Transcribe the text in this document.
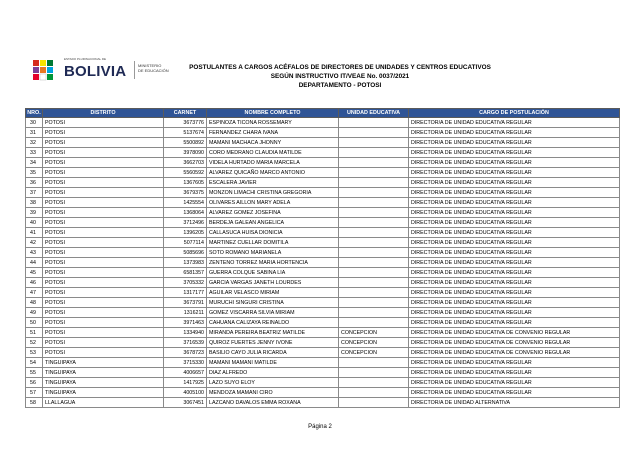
ESTADO PLURINACIONAL DE
BOLIVIA	MINISTERIO
DE EDUCACIÓN	POSTULANTES A CARGOS ACÉFALOS DE DIRECTORES DE UNIDADES Y CENTROS EDUCATIVOS
SEGÚN INSTRUCTIVO IT/VEAE No. 0037/2021
DEPARTAMENTO - POTOSI
NRO.	DISTRITO	CARNET	NOMBRE COMPLETO	UNIDAD EDUCATIVA	CARGO DE POSTULACIÓN
30	POTOSI	3673776	ESPINOZA TICONA ROSSEMARY		DIRECTOR/A DE UNIDAD EDUCATIVA REGULAR
31	POTOSI	5137674	FERNANDEZ CHARA IVANA		DIRECTOR/A DE UNIDAD EDUCATIVA REGULAR
32	POTOSI	5500892	MAMANI MACHACA JHONNY		DIRECTOR/A DE UNIDAD EDUCATIVA REGULAR
33	POTOSI	3978090	CORO MEDRANO CLAUDIA MATILDE		DIRECTOR/A DE UNIDAD EDUCATIVA REGULAR
34	POTOSI	3662703	VIDELA HURTADO MARIA MARCELA		DIRECTOR/A DE UNIDAD EDUCATIVA REGULAR
35	POTOSI	5560592	ALVAREZ QUICAÑO MARCO ANTONIO		DIRECTOR/A DE UNIDAD EDUCATIVA REGULAR
36	POTOSI	1367605	ESCALERA JAVIER		DIRECTOR/A DE UNIDAD EDUCATIVA REGULAR
37	POTOSI	3679375	MONZON LIMACHI CRISTINA GREGORIA		DIRECTOR/A DE UNIDAD EDUCATIVA REGULAR
38	POTOSI	1425554	OLIVARES AILLON MARY ADELA		DIRECTOR/A DE UNIDAD EDUCATIVA REGULAR
39	POTOSI	1368064	ALVAREZ GOMEZ JOSEFINA		DIRECTOR/A DE UNIDAD EDUCATIVA REGULAR
40	POTOSI	3712496	BERDEJA GALEAN ANGELICA		DIRECTOR/A DE UNIDAD EDUCATIVA REGULAR
41	POTOSI	1396205	CALLASUCA HUISA DIONICIA		DIRECTOR/A DE UNIDAD EDUCATIVA REGULAR
42	POTOSI	5077114	MARTINEZ CUELLAR DOMITILA		DIRECTOR/A DE UNIDAD EDUCATIVA REGULAR
43	POTOSI	5085696	SOTO ROMANO MARIANELA		DIRECTOR/A DE UNIDAD EDUCATIVA REGULAR
44	POTOSI	1373983	ZENTENO TORREZ MARIA HORTENCIA		DIRECTOR/A DE UNIDAD EDUCATIVA REGULAR
45	POTOSI	6581357	GUERRA COLQUE SABINA LIA		DIRECTOR/A DE UNIDAD EDUCATIVA REGULAR
46	POTOSI	3705332	GARCIA VARGAS JANETH LOURDES		DIRECTOR/A DE UNIDAD EDUCATIVA REGULAR
47	POTOSI	1317177	AGUILAR VELASCO MIRIAM		DIRECTOR/A DE UNIDAD EDUCATIVA REGULAR
48	POTOSI	3673791	MURUCHI SINGURI CRISTINA		DIRECTOR/A DE UNIDAD EDUCATIVA REGULAR
49	POTOSI	1316211	GOMEZ VISCARRA SILVIA MIRIAM		DIRECTOR/A DE UNIDAD EDUCATIVA REGULAR
50	POTOSI	3971463	CAHUANA CALIZAYA REINALDO		DIRECTOR/A DE UNIDAD EDUCATIVA REGULAR
51	POTOSI	1334940	MIRANDA PEREIRA BEATRIZ MATILDE	CONCEPCION	DIRECTOR/A DE UNIDAD EDUCATIVA DE CONVENIO REGULAR
52	POTOSI	3716539	QUIROZ FUERTES JENNY IVONE	CONCEPCION	DIRECTOR/A DE UNIDAD EDUCATIVA DE CONVENIO REGULAR
53	POTOSI	3678723	BASILIO CAYO JULIA RICARDA	CONCEPCION	DIRECTOR/A DE UNIDAD EDUCATIVA DE CONVENIO REGULAR
54	TINGUIPAYA	3715330	MAMANI MAMANI MATILDE		DIRECTOR/A DE UNIDAD EDUCATIVA REGULAR
55	TINGUIPAYA	4006657	DIAZ ALFREDO		DIRECTOR/A DE UNIDAD EDUCATIVA REGULAR
56	TINGUIPAYA	1417925	LAZO SUYO ELOY		DIRECTOR/A DE UNIDAD EDUCATIVA REGULAR
57	TINGUIPAYA	4005100	MENDOZA MAMANI CIRO		DIRECTOR/A DE UNIDAD EDUCATIVA REGULAR
58	LLALLAGUA	3067451	LAZCANO DAVALOS EMMA ROXANA		DIRECTOR/A DE UNIDAD ALTERNATIVA
Página 2
